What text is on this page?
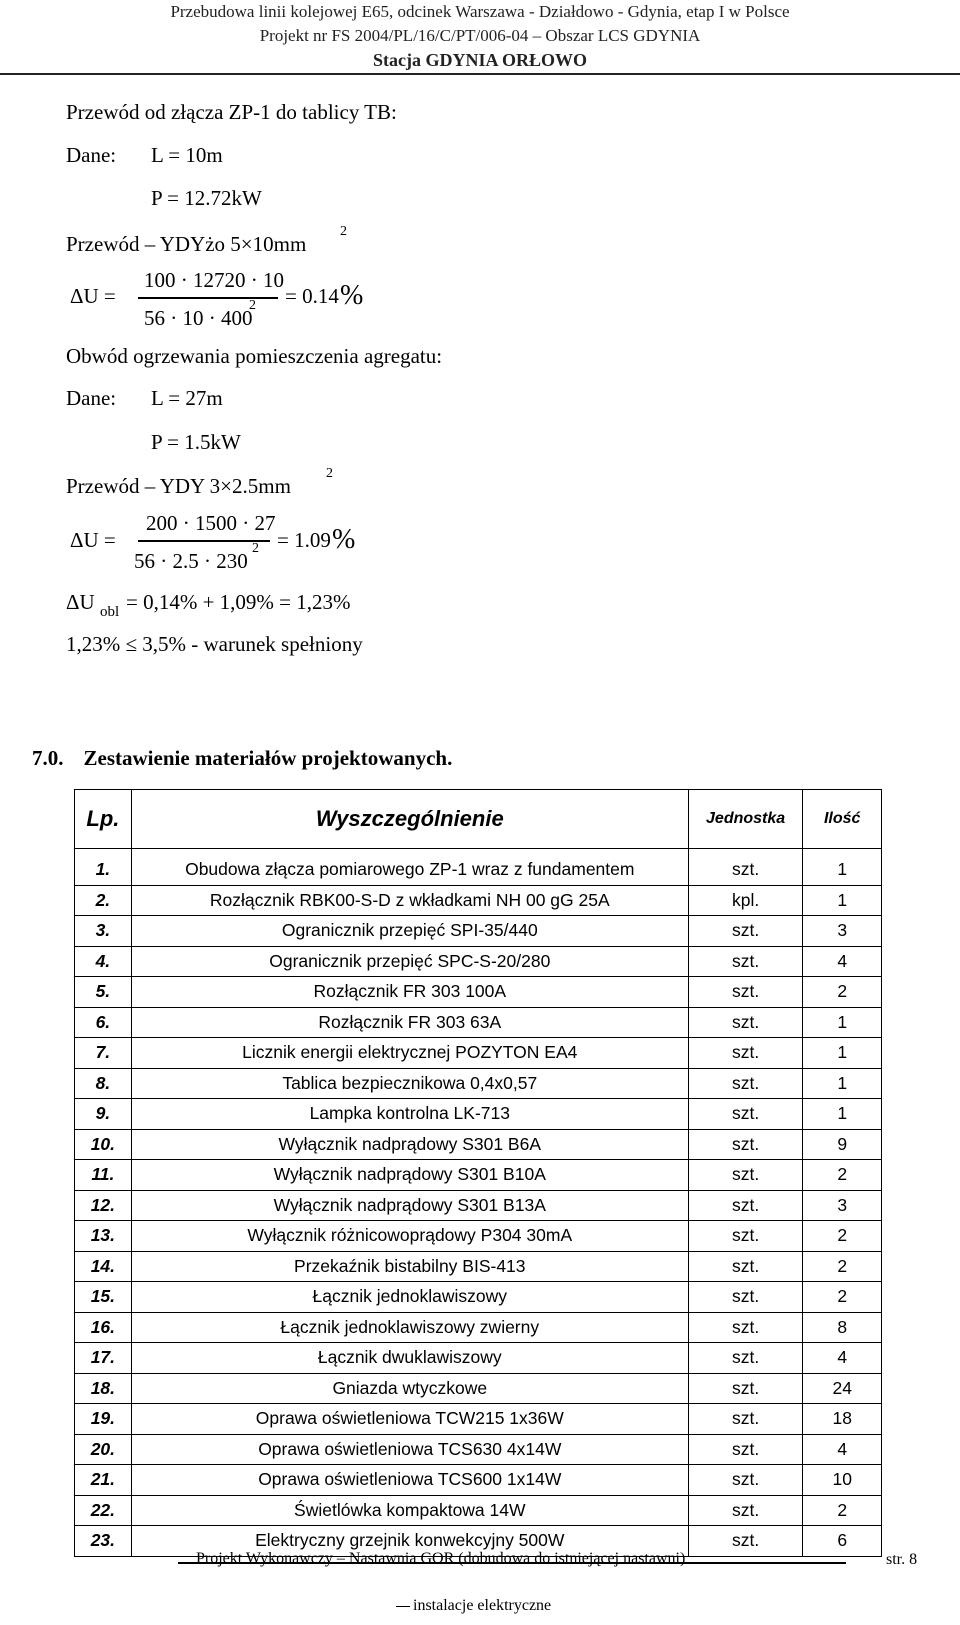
Przebudowa linii kolejowej E65, odcinek Warszawa - Działdowo - Gdynia, etap I w Polsce
Projekt nr FS 2004/PL/16/C/PT/006-04 – Obszar LCS GDYNIA
Stacja GDYNIA ORŁOWO
Przewód od złącza ZP-1 do tablicy TB:
Dane: L = 10m
P = 12.72kW
Przewód – YDYżo 5×10mm
2
ΔU =
100 · 12720 · 10
56 · 10 · 400
2 = 0.14 %
Obwód ogrzewania pomieszczenia agregatu:
Dane: L = 27m
P = 1.5kW
Przewód – YDY 3×2.5mm
2
ΔU =
200 · 1500 · 27
56 · 2.5 · 230
2 = 1.09 %
ΔU obl = 0,14% + 1,09% = 1,23%
1,23% ≤ 3,5% - warunek spełniony
7.0. Zestawienie materiałów projektowanych.
Lp.	Wyszczególnienie	Jednostka	Ilość
1.	Obudowa złącza pomiarowego ZP-1 wraz z fundamentem	szt.	1
2.	Rozłącznik RBK00-S-D z wkładkami NH 00 gG 25A	kpl.	1
3.	Ogranicznik przepięć SPI-35/440	szt.	3
4.	Ogranicznik przepięć SPC-S-20/280	szt.	4
5.	Rozłącznik FR 303 100A	szt.	2
6.	Rozłącznik FR 303 63A	szt.	1
7.	Licznik energii elektrycznej POZYTON EA4	szt.	1
8.	Tablica bezpiecznikowa 0,4x0,57	szt.	1
9.	Lampka kontrolna LK-713	szt.	1
10.	Wyłącznik nadprądowy S301 B6A	szt.	9
11.	Wyłącznik nadprądowy S301 B10A	szt.	2
12.	Wyłącznik nadprądowy S301 B13A	szt.	3
13.	Wyłącznik różnicowoprądowy P304 30mA	szt.	2
14.	Przekaźnik bistabilny BIS-413	szt.	2
15.	Łącznik jednoklawiszowy	szt.	2
16.	Łącznik jednoklawiszowy zwierny	szt.	8
17.	Łącznik dwuklawiszowy	szt.	4
18.	Gniazda wtyczkowe	szt.	24
19.	Oprawa oświetleniowa TCW215 1x36W	szt.	18
20.	Oprawa oświetleniowa TCS630 4x14W	szt.	4
21.	Oprawa oświetleniowa TCS600 1x14W	szt.	10
22.	Świetlówka kompaktowa 14W	szt.	2
23.	Elektryczny grzejnik konwekcyjny 500W	szt.	6
Projekt Wykonawczy – Nastawnia GOR (dobudowa do istniejącej nastawni)
instalacje elektryczne
str. 8
